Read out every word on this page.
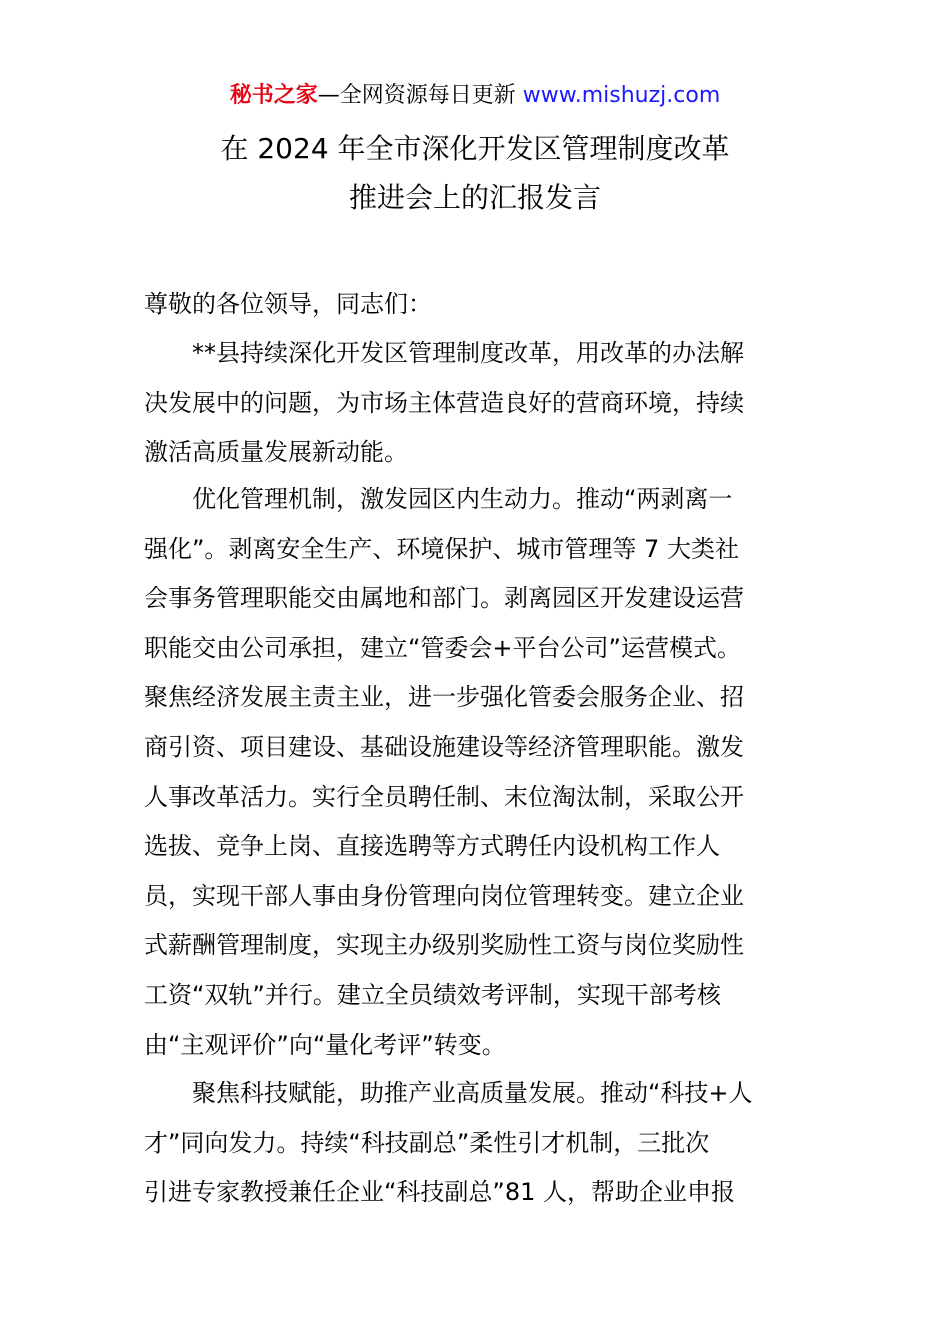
秘书之家—全网资源每日更新 www.mishuzj.com
在 2024 年全市深化开发区管理制度改革
推进会上的汇报发言
尊敬的各位领导，同志们：
　　**县持续深化开发区管理制度改革，用改革的办法解
决发展中的问题，为市场主体营造良好的营商环境，持续
激活高质量发展新动能。
　　优化管理机制，激发园区内生动力。推动“两剥离一
强化”。剥离安全生产、环境保护、城市管理等 7 大类社
会事务管理职能交由属地和部门。剥离园区开发建设运营
职能交由公司承担，建立“管委会+平台公司”运营模式。
聚焦经济发展主责主业，进一步强化管委会服务企业、招
商引资、项目建设、基础设施建设等经济管理职能。激发
人事改革活力。实行全员聘任制、末位淘汰制，采取公开
选拔、竞争上岗、直接选聘等方式聘任内设机构工作人
员，实现干部人事由身份管理向岗位管理转变。建立企业
式薪酬管理制度，实现主办级别奖励性工资与岗位奖励性
工资“双轨”并行。建立全员绩效考评制，实现干部考核
由“主观评价”向“量化考评”转变。
　　聚焦科技赋能，助推产业高质量发展。推动“科技+人
才”同向发力。持续“科技副总”柔性引才机制，三批次
引进专家教授兼任企业“科技副总”81 人，帮助企业申报
